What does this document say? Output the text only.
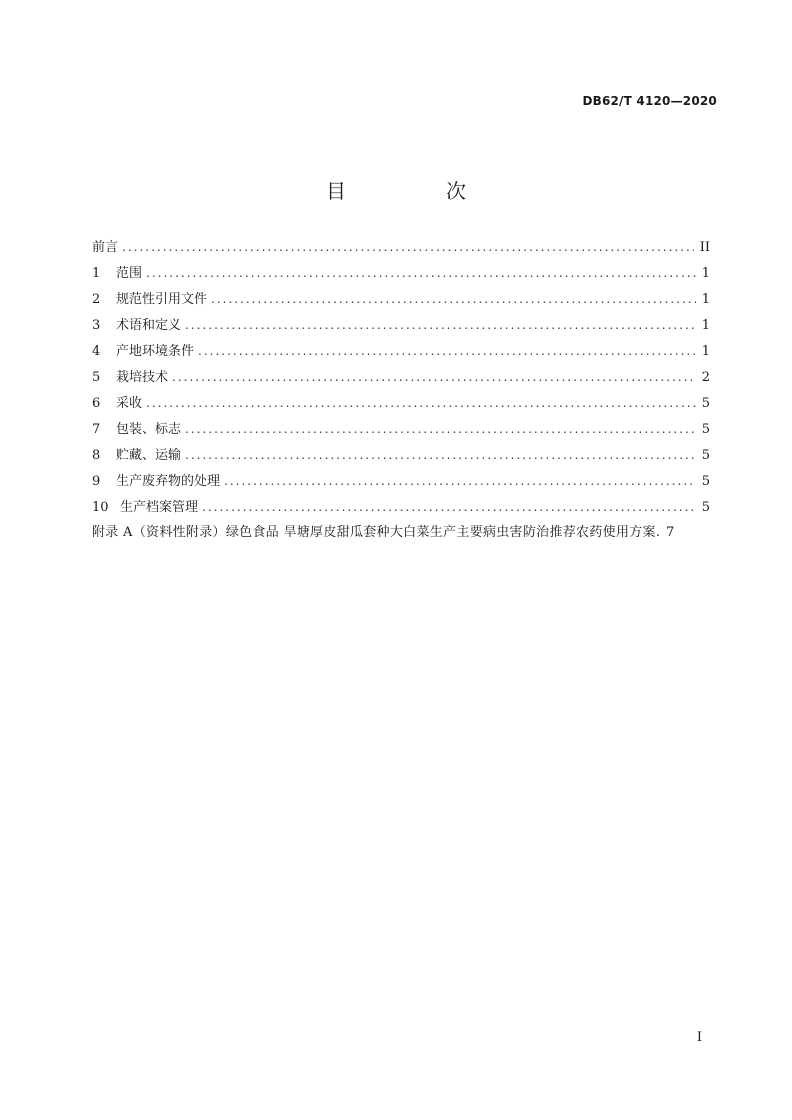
DB62/T 4120—2020
目　次
前言 .....	II
1 范围 .....	1
2 规范性引用文件 .....	1
3 术语和定义 .....	1
4 产地环境条件 .....	1
5 栽培技术 .....	2
6 采收 .....	5
7 包装、标志 .....	5
8 贮藏、运输 .....	5
9 生产废弃物的处理 .....	5
10 生产档案管理 .....	5
附录 A（资料性附录）绿色食品 旱塘厚皮甜瓜套种大白菜生产主要病虫害防治推荐农药使用方案 . 7
I
